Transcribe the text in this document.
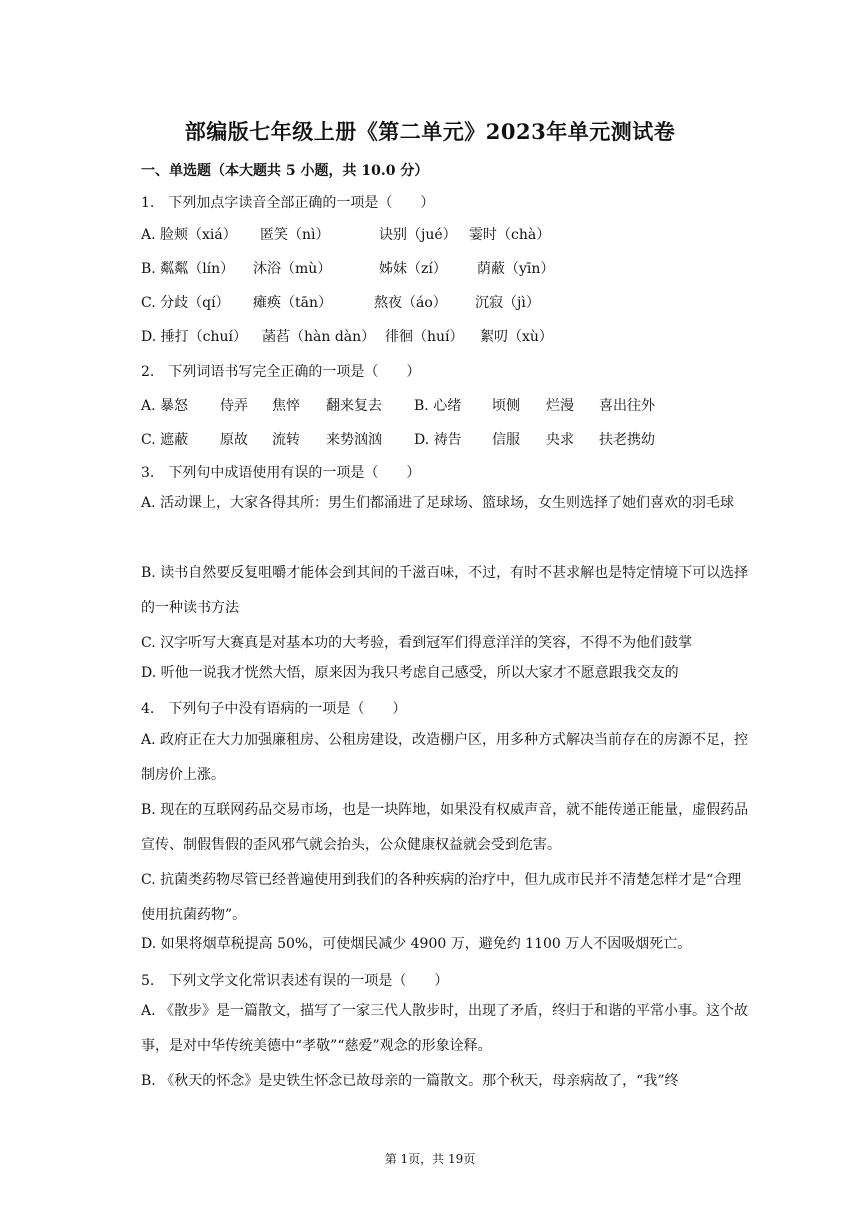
部编版七年级上册《第二单元》2023年单元测试卷
一、单选题（本大题共 5 小题，共 10.0 分）
1.　下列加点字读音全部正确的一项是（　　）
A. 脸颊（xiá） 匿笑（nì）	诀别（jué） 霎时（chà）
B. 粼粼（lín） 沐浴（mù）	姊妹（zí） 荫蔽（yīn）
C. 分歧（qí） 瘫痪（tān）	熬夜（áo） 沉寂（jì）
D. 捶打（chuí） 菡萏（hàn dàn） 徘徊（huí） 絮叨（xù）
2.　下列词语书写完全正确的一项是（　　）
A. 暴怒 侍弄 焦悴 翻来复去 B. 心绪 顷侧 烂漫 喜出往外
C. 遮蔽 原故 流转 来势汹汹 D. 祷告 信服 央求 扶老携幼
3.　下列句中成语使用有误的一项是（　　）
A. 活动课上，大家各得其所：男生们都涌进了足球场、篮球场，女生则选择了她们喜欢的羽毛球
B. 读书自然要反复咀嚼才能体会到其间的千滋百味，不过，有时不甚求解也是特定情境下可以选择的一种读书方法
C. 汉字听写大赛真是对基本功的大考验，看到冠军们得意洋洋的笑容，不得不为他们鼓掌
D. 听他一说我才恍然大悟，原来因为我只考虑自己感受，所以大家才不愿意跟我交友的
4.　下列句子中没有语病的一项是（　　）
A. 政府正在大力加强廉租房、公租房建设，改造棚户区，用多种方式解决当前存在的房源不足，控制房价上涨。
B. 现在的互联网药品交易市场，也是一块阵地，如果没有权威声音，就不能传递正能量，虚假药品宣传、制假售假的歪风邪气就会抬头，公众健康权益就会受到危害。
C. 抗菌类药物尽管已经普遍使用到我们的各种疾病的治疗中，但九成市民并不清楚怎样才是“合理使用抗菌药物”。
D. 如果将烟草税提高 50%，可使烟民减少 4900 万，避免约 1100 万人不因吸烟死亡。
5.　下列文学文化常识表述有误的一项是（　　）
A. 《散步》是一篇散文，描写了一家三代人散步时，出现了矛盾，终归于和谐的平常小事。这个故事，是对中华传统美德中“孝敬”“慈爱”观念的形象诠释。
B. 《秋天的怀念》是史铁生怀念已故母亲的一篇散文。那个秋天，母亲病故了，“我”终
第 1页，共 19页
